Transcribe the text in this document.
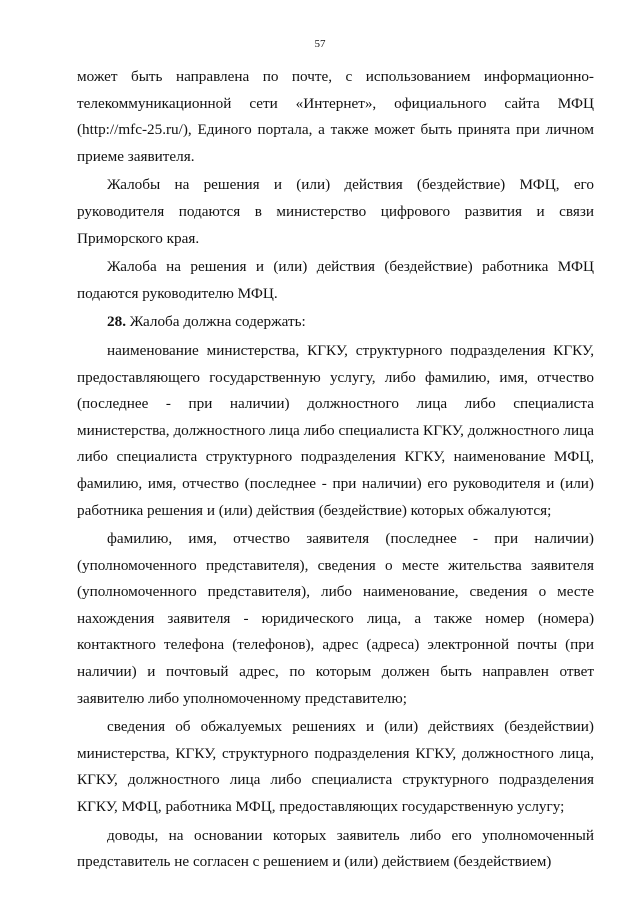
57

может быть направлена по почте, с использованием информационно-телекоммуникационной сети «Интернет», официального сайта МФЦ (http://mfc-25.ru/), Единого портала, а также может быть принята при личном приеме заявителя.

Жалобы на решения и (или) действия (бездействие) МФЦ, его руководителя подаются в министерство цифрового развития и связи Приморского края.

Жалоба на решения и (или) действия (бездействие) работника МФЦ подаются руководителю МФЦ.

28. Жалоба должна содержать:

наименование министерства, КГКУ, структурного подразделения КГКУ, предоставляющего государственную услугу, либо фамилию, имя, отчество (последнее - при наличии) должностного лица либо специалиста министерства, должностного лица либо специалиста КГКУ, должностного лица либо специалиста структурного подразделения КГКУ, наименование МФЦ, фамилию, имя, отчество (последнее - при наличии) его руководителя и (или) работника решения и (или) действия (бездействие) которых обжалуются;

фамилию, имя, отчество заявителя (последнее - при наличии) (уполномоченного представителя), сведения о месте жительства заявителя (уполномоченного представителя), либо наименование, сведения о месте нахождения заявителя - юридического лица, а также номер (номера) контактного телефона (телефонов), адрес (адреса) электронной почты (при наличии) и почтовый адрес, по которым должен быть направлен ответ заявителю либо уполномоченному представителю;

сведения об обжалуемых решениях и (или) действиях (бездействии) министерства, КГКУ, структурного подразделения КГКУ, должностного лица, КГКУ, должностного лица либо специалиста структурного подразделения КГКУ, МФЦ, работника МФЦ, предоставляющих государственную услугу;

доводы, на основании которых заявитель либо его уполномоченный представитель не согласен с решением и (или) действием (бездействием)
